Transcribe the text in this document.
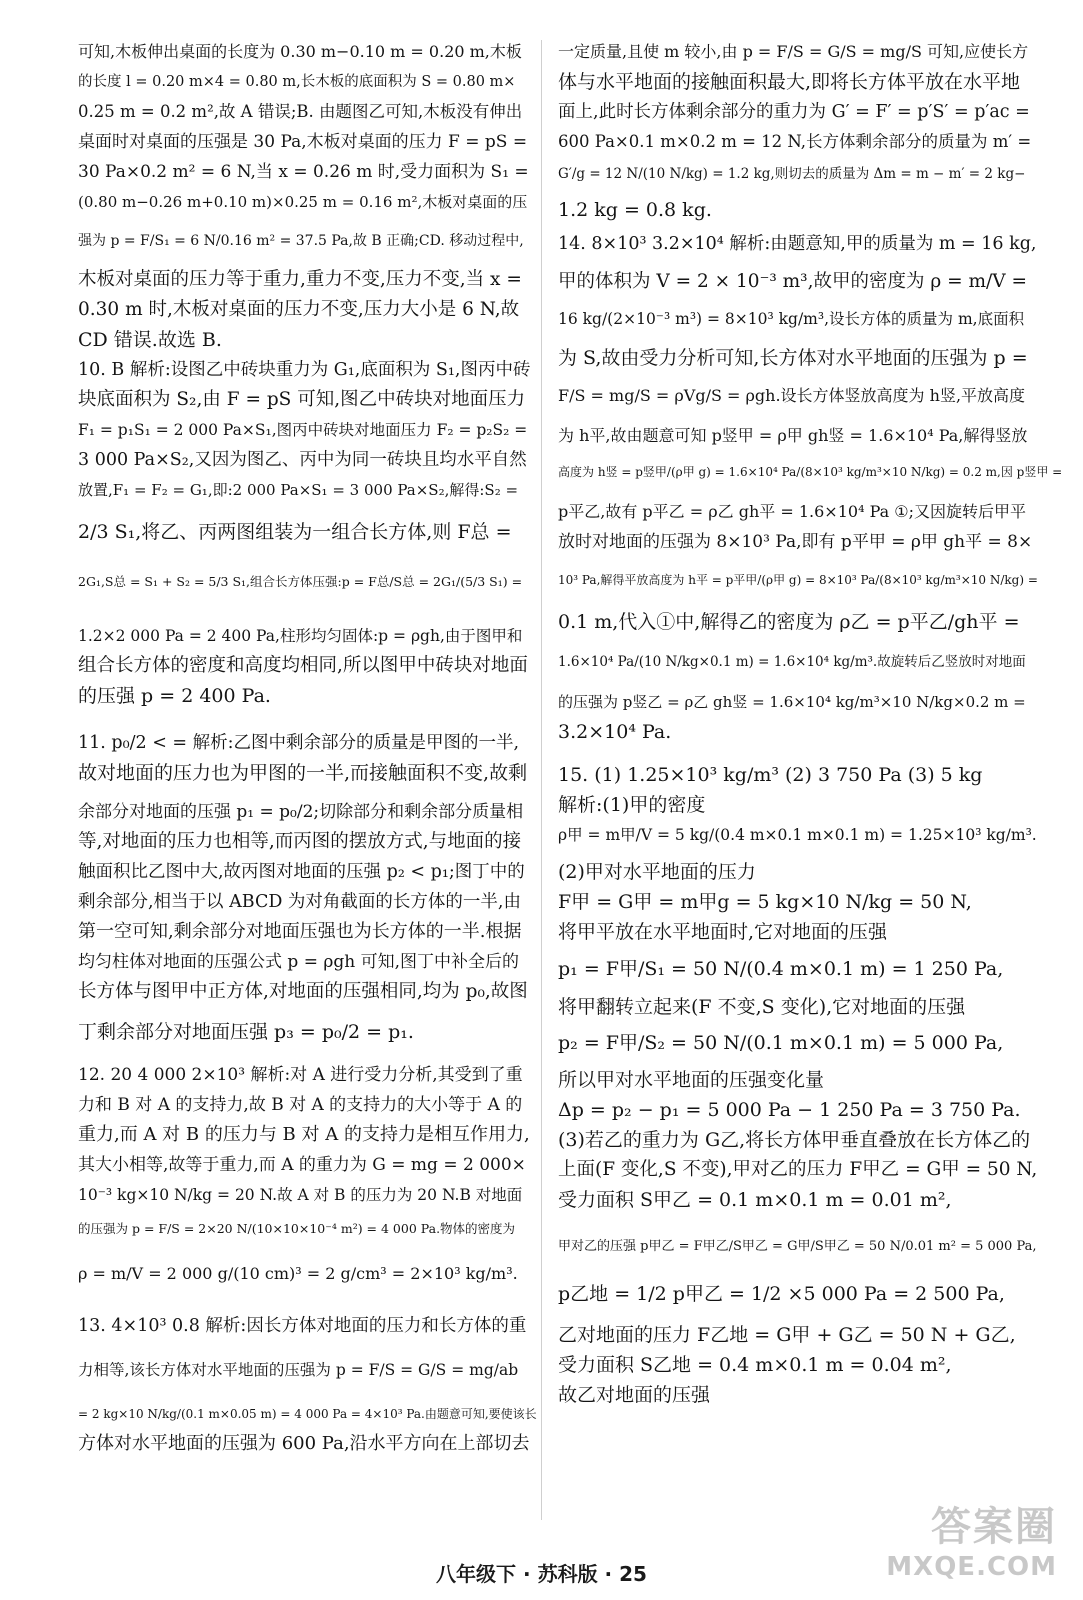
可知,木板伸出桌面的长度为 0.30 m−0.10 m = 0.20 m,木板
的长度 l = 0.20 m×4 = 0.80 m,长木板的底面积为 S = 0.80 m×
0.25 m = 0.2 m²,故 A 错误;B. 由题图乙可知,木板没有伸出
桌面时对桌面的压强是 30 Pa,木板对桌面的压力 F = pS =
30 Pa×0.2 m² = 6 N,当 x = 0.26 m 时,受力面积为 S₁ =
(0.80 m−0.26 m+0.10 m)×0.25 m = 0.16 m²,木板对桌面的压
强为 p = F/S₁ = 6 N/0.16 m² = 37.5 Pa,故 B 正确;CD. 移动过程中,
木板对桌面的压力等于重力,重力不变,压力不变,当 x =
0.30 m 时,木板对桌面的压力不变,压力大小是 6 N,故
CD 错误.故选 B.
10. B 解析:设图乙中砖块重力为 G₁,底面积为 S₁,图丙中砖
块底面积为 S₂,由 F = pS 可知,图乙中砖块对地面压力
F₁ = p₁S₁ = 2 000 Pa×S₁,图丙中砖块对地面压力 F₂ = p₂S₂ =
3 000 Pa×S₂,又因为图乙、丙中为同一砖块且均水平自然
放置,F₁ = F₂ = G₁,即:2 000 Pa×S₁ = 3 000 Pa×S₂,解得:S₂ =
2/3 S₁,将乙、丙两图组装为一组合长方体,则 F总 =
2G₁,S总 = S₁ + S₂ = 5/3 S₁,组合长方体压强:p = F总/S总 = 2G₁/(5/3 S₁) =
1.2×2 000 Pa = 2 400 Pa,柱形均匀固体:p = ρgh,由于图甲和
组合长方体的密度和高度均相同,所以图甲中砖块对地面
的压强 p = 2 400 Pa.
11. p₀/2 < = 解析:乙图中剩余部分的质量是甲图的一半,
故对地面的压力也为甲图的一半,而接触面积不变,故剩
余部分对地面的压强 p₁ = p₀/2;切除部分和剩余部分质量相
等,对地面的压力也相等,而丙图的摆放方式,与地面的接
触面积比乙图中大,故丙图对地面的压强 p₂ < p₁;图丁中的
剩余部分,相当于以 ABCD 为对角截面的长方体的一半,由
第一空可知,剩余部分对地面压强也为长方体的一半.根据
均匀柱体对地面的压强公式 p = ρgh 可知,图丁中补全后的
长方体与图甲中正方体,对地面的压强相同,均为 p₀,故图
丁剩余部分对地面压强 p₃ = p₀/2 = p₁.
12. 20 4 000 2×10³ 解析:对 A 进行受力分析,其受到了重
力和 B 对 A 的支持力,故 B 对 A 的支持力的大小等于 A 的
重力,而 A 对 B 的压力与 B 对 A 的支持力是相互作用力,
其大小相等,故等于重力,而 A 的重力为 G = mg = 2 000×
10⁻³ kg×10 N/kg = 20 N.故 A 对 B 的压力为 20 N.B 对地面
的压强为 p = F/S = 2×20 N/(10×10×10⁻⁴ m²) = 4 000 Pa.物体的密度为
ρ = m/V = 2 000 g/(10 cm)³ = 2 g/cm³ = 2×10³ kg/m³.
13. 4×10³ 0.8 解析:因长方体对地面的压力和长方体的重
力相等,该长方体对水平地面的压强为 p = F/S = G/S = mg/ab
= 2 kg×10 N/kg/(0.1 m×0.05 m) = 4 000 Pa = 4×10³ Pa.由题意可知,要使该长
方体对水平地面的压强为 600 Pa,沿水平方向在上部切去
一定质量,且使 m 较小,由 p = F/S = G/S = mg/S 可知,应使长方
体与水平地面的接触面积最大,即将长方体平放在水平地
面上,此时长方体剩余部分的重力为 G′ = F′ = p′S′ = p′ac =
600 Pa×0.1 m×0.2 m = 12 N,长方体剩余部分的质量为 m′ =
G′/g = 12 N/(10 N/kg) = 1.2 kg,则切去的质量为 Δm = m − m′ = 2 kg−
1.2 kg = 0.8 kg.
14. 8×10³ 3.2×10⁴ 解析:由题意知,甲的质量为 m = 16 kg,
甲的体积为 V = 2 × 10⁻³ m³,故甲的密度为 ρ = m/V =
16 kg/(2×10⁻³ m³) = 8×10³ kg/m³,设长方体的质量为 m,底面积
为 S,故由受力分析可知,长方体对水平地面的压强为 p =
F/S = mg/S = ρVg/S = ρgh.设长方体竖放高度为 h竖,平放高度
为 h平,故由题意可知 p竖甲 = ρ甲 gh竖 = 1.6×10⁴ Pa,解得竖放
高度为 h竖 = p竖甲/(ρ甲 g) = 1.6×10⁴ Pa/(8×10³ kg/m³×10 N/kg) = 0.2 m,因 p竖甲 =
p平乙,故有 p平乙 = ρ乙 gh平 = 1.6×10⁴ Pa ①;又因旋转后甲平
放时对地面的压强为 8×10³ Pa,即有 p平甲 = ρ甲 gh平 = 8×
10³ Pa,解得平放高度为 h平 = p平甲/(ρ甲 g) = 8×10³ Pa/(8×10³ kg/m³×10 N/kg) =
0.1 m,代入①中,解得乙的密度为 ρ乙 = p平乙/gh平 =
1.6×10⁴ Pa/(10 N/kg×0.1 m) = 1.6×10⁴ kg/m³.故旋转后乙竖放时对地面
的压强为 p竖乙 = ρ乙 gh竖 = 1.6×10⁴ kg/m³×10 N/kg×0.2 m =
3.2×10⁴ Pa.
15. (1) 1.25×10³ kg/m³ (2) 3 750 Pa (3) 5 kg
解析:(1)甲的密度
ρ甲 = m甲/V = 5 kg/(0.4 m×0.1 m×0.1 m) = 1.25×10³ kg/m³.
(2)甲对水平地面的压力
F甲 = G甲 = m甲g = 5 kg×10 N/kg = 50 N,
将甲平放在水平地面时,它对地面的压强
p₁ = F甲/S₁ = 50 N/(0.4 m×0.1 m) = 1 250 Pa,
将甲翻转立起来(F 不变,S 变化),它对地面的压强
p₂ = F甲/S₂ = 50 N/(0.1 m×0.1 m) = 5 000 Pa,
所以甲对水平地面的压强变化量
Δp = p₂ − p₁ = 5 000 Pa − 1 250 Pa = 3 750 Pa.
(3)若乙的重力为 G乙,将长方体甲垂直叠放在长方体乙的
上面(F 变化,S 不变),甲对乙的压力 F甲乙 = G甲 = 50 N,
受力面积 S甲乙 = 0.1 m×0.1 m = 0.01 m²,
甲对乙的压强 p甲乙 = F甲乙/S甲乙 = G甲/S甲乙 = 50 N/0.01 m² = 5 000 Pa,
p乙地 = 1/2 p甲乙 = 1/2 ×5 000 Pa = 2 500 Pa,
乙对地面的压力 F乙地 = G甲 + G乙 = 50 N + G乙,
受力面积 S乙地 = 0.4 m×0.1 m = 0.04 m²,
故乙对地面的压强
八年级下 · 苏科版 · 25
答案圈
MXQE.COM
